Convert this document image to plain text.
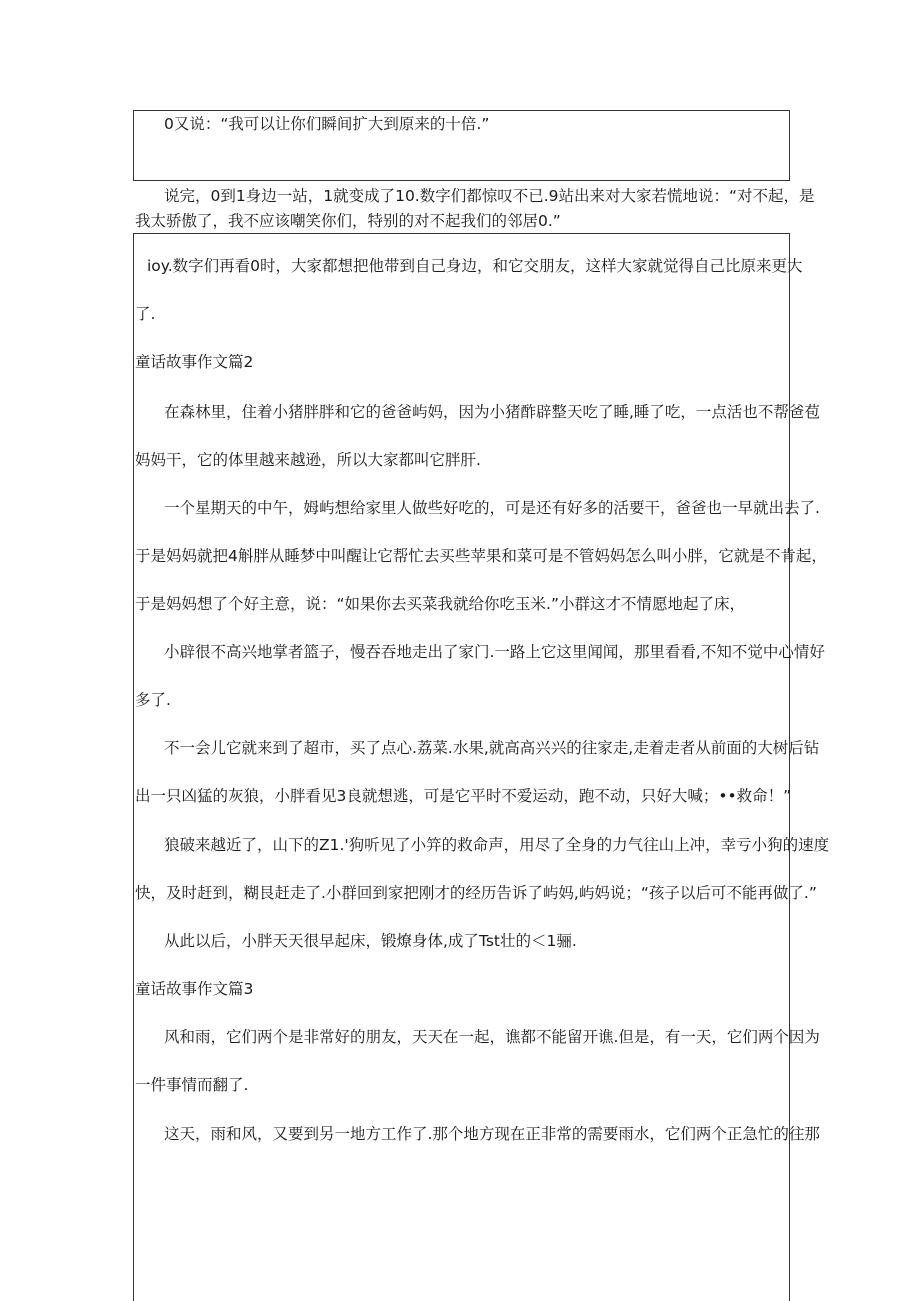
0又说：“我可以让你们瞬间扩大到原来的十倍.”

说完，0到1身边一站，1就变成了10.数字们都惊叹不已.9站出来对大家若慌地说：“对不起，是

我太骄傲了，我不应该嘲笑你们，特别的对不起我们的邻居0.”

ioy.数字们再看0时，大家都想把他带到自己身边，和它交朋友，这样大家就觉得自己比原来更大

了.

童话故事作文篇2

在森林里，住着小猪胖胖和它的爸爸屿妈，因为小猪酢辟整天吃了睡,睡了吃，一点活也不帮爸苞

妈妈干，它的体里越来越逊，所以大家都叫它胖肝.

一个星期天的中午，姆屿想给家里人做些好吃的，可是还有好多的活要干，爸爸也一早就出去了.

于是妈妈就把4斛胖从睡梦中叫醒让它帮忙去买些苹果和菜可是不管妈妈怎么叫小胖，它就是不肯起，

于是妈妈想了个好主意，说：“如果你去买菜我就给你吃玉米.”小群这才不情愿地起了床，

小辟很不高兴地掌者篮子，慢吞吞地走出了家门.一路上它这里闻闻，那里看看,不知不觉中心情好

多了.

不一会儿它就来到了超市，买了点心.荔菜.水果,就高高兴兴的往家走,走着走者从前面的大树后钻

出一只凶猛的灰狼，小胖看见3良就想逃，可是它平时不爱运动，跑不动，只好大喊；••救命！”

狼破来越近了，山下的Z1.'狗听见了小笄的救命声，用尽了全身的力气往山上冲，幸亏小狗的速度

快，及时赶到，糊艮赶走了.小群回到家把刚才的经历告诉了屿妈,屿妈说；“孩子以后可不能再做了.”

从此以后，小胖天天很早起床，锻燎身体,成了Tst壮的＜1骊.

童话故事作文篇3

风和雨，它们两个是非常好的朋友，天天在一起，谯都不能留开谯.但是，有一天，它们两个因为

一件事情而翻了.

这天，雨和风，又要到另一地方工作了.那个地方现在正非常的需要雨水，它们两个正急忙的往那
